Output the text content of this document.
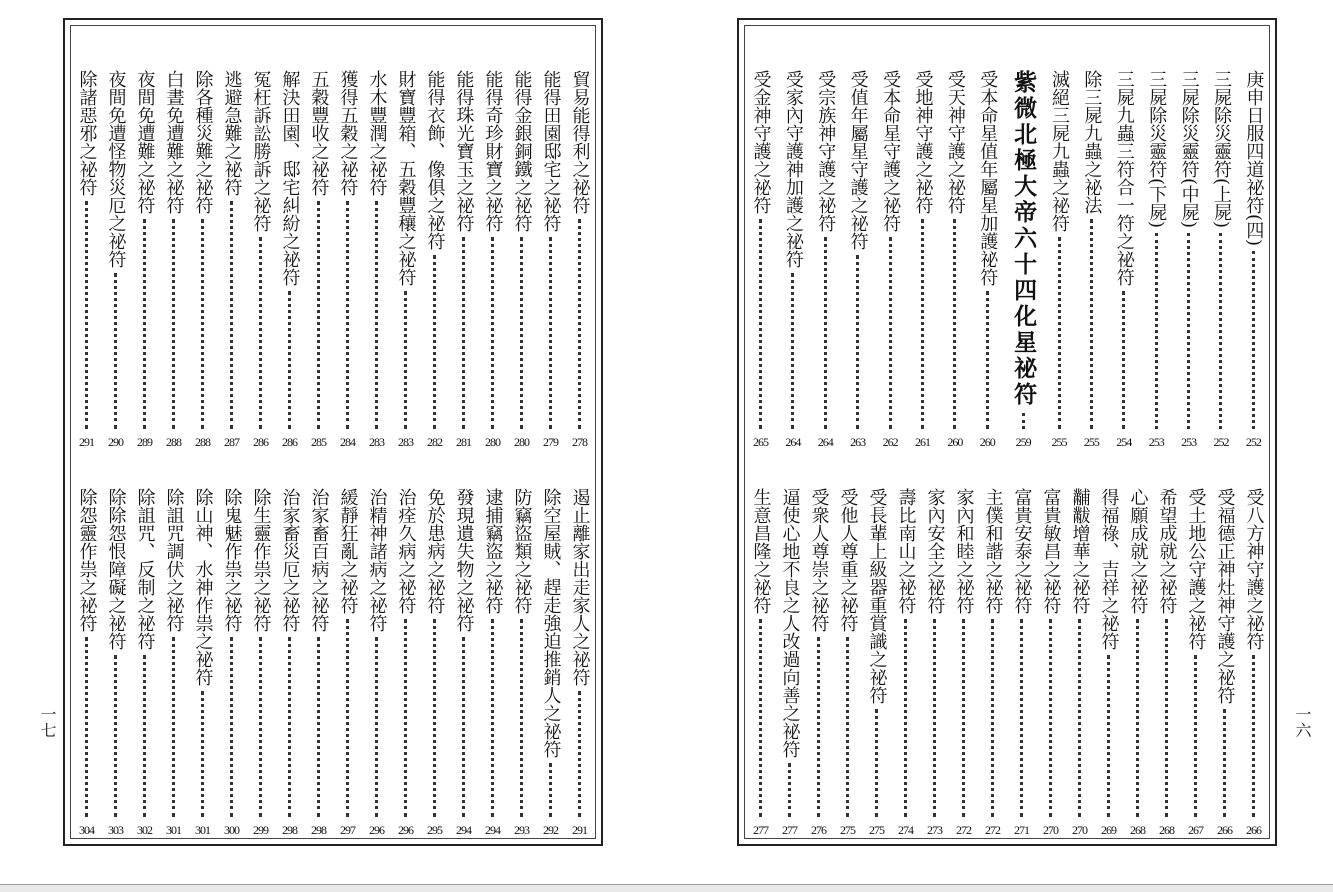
一七
貿易能得利之祕符
278
能得田園邸宅之祕符
279
能得金銀銅鐵之祕符
280
能得奇珍財寶之祕符
280
能得珠光寶玉之祕符
281
能得衣飾、像俱之祕符
282
財寶豐箱、五穀豐穰之祕符
283
水木豐潤之祕符
283
獲得五穀之祕符
284
五穀豐收之祕符
285
解決田園、邸宅糾紛之祕符
286
冤枉訴訟勝訴之祕符
286
逃避急難之祕符
287
除各種災難之祕符
288
白晝免遭難之祕符
288
夜間免遭難之祕符
289
夜間免遭怪物災厄之祕符
290
除諸惡邪之祕符
291
遏止離家出走家人之祕符
291
除空屋賊、趕走強迫推銷人之祕符
292
防竊盜類之祕符
293
逮捕竊盜之祕符
294
發現遺失物之祕符
294
免於患病之祕符
295
治痊久病之祕符
296
治精神諸病之祕符
296
緩靜狂亂之祕符
297
治家畜百病之祕符
298
治家畜災厄之祕符
298
除生靈作祟之祕符
299
除鬼魅作祟之祕符
300
除山神、水神作祟之祕符
301
除詛咒調伏之祕符
301
除詛咒、反制之祕符
302
除除怨恨障礙之祕符
303
除怨靈作祟之祕符
304
庚申日服四道祕符(四)
252
三屍除災靈符(上屍)
252
三屍除災靈符(中屍)
253
三屍除災靈符(下屍)
253
三屍九蟲三符合一符之祕符
254
除三屍九蟲之祕法
255
滅絕三屍九蟲之祕符
255
紫微北極大帝六十四化星祕符
259
受本命星值年屬星加護祕符
260
受天神守護之祕符
260
受地神守護之祕符
261
受本命星守護之祕符
262
受值年屬星守護之祕符
263
受宗族神守護之祕符
264
受家內守護神加護之祕符
264
受金神守護之祕符
265
受八方神守護之祕符
266
受福德正神灶神守護之祕符
266
受土地公守護之祕符
267
希望成就之祕符
268
心願成就之祕符
268
得福祿、吉祥之祕符
269
黼黻增華之祕符
270
富貴敏昌之祕符
270
富貴安泰之祕符
271
主僕和諧之祕符
272
家內和睦之祕符
272
家內安全之祕符
273
壽比南山之祕符
274
受長輩上級器重賞識之祕符
275
受他人尊重之祕符
275
受衆人尊崇之祕符
276
逼使心地不良之人改過向善之祕符
277
生意昌隆之祕符
277
一六
